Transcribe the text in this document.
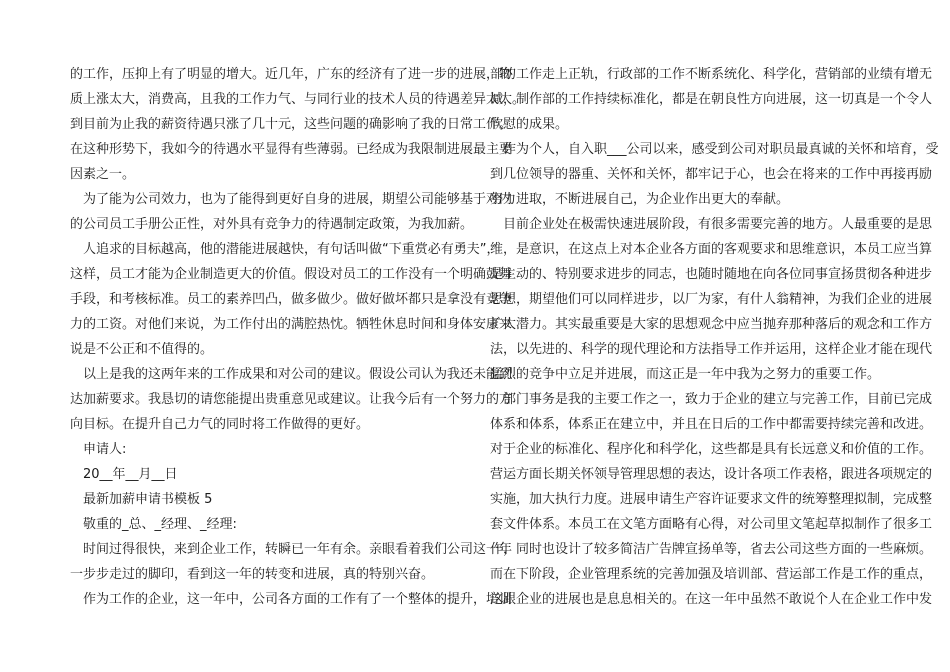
的工作，压抑上有了明显的增大。近几年，广东的经济有了进一步的进展，物
质上涨太大，消费高，且我的工作力气、与同行业的技术人员的待遇差异太大。
到目前为止我的薪资待遇只涨了几十元，这些问题的确影响了我的日常工作。
在这种形势下，我如今的待遇水平显得有些薄弱。已经成为我限制进展最主要
因素之一。
为了能为公司效力，也为了能得到更好自身的进展，期望公司能够基于对内
的公司员工手册公正性，对外具有竞争力的待遇制定政策，为我加薪。
人追求的目标越高，他的潜能进展越快，有句话叫做“下重赏必有勇夫”，
这样，员工才能为企业制造更大的价值。假设对员工的工作没有一个明确鼓舞
手段，和考核标准。员工的素养凹凸，做多做少。做好做坏都只是拿没有竞争
力的工资。对他们来说，为工作付出的满腔热忱。牺牲休息时间和身体安康来
说是不公正和不值得的。
以上是我的这两年来的工作成果和对公司的建议。假设公司认为我还未能到
达加薪要求。我恳切的请您能提出贵重意见或建议。让我今后有一个努力的方
向目标。在提升自己力气的同时将工作做得的更好。
申请人:
20__年__月__日
最新加薪申请书模板 5
敬重的_总、_经理、_经理:
时间过得很快，来到企业工作，转瞬已一年有余。亲眼看着我们公司这一年
一步步走过的脚印，看到这一年的转变和进展，真的特别兴奋。
作为工作的企业，这一年中，公司各方面的工作有了一个整体的提升，培训
部的工作走上正轨，行政部的工作不断系统化、科学化，营销部的业绩有增无
减，制作部的工作持续标准化，都是在朝良性方向进展，这一切真是一个令人
欣慰的成果。
作为个人，自入职___公司以来，感受到公司对职员最真诚的关怀和培育，受
到几位领导的器重、关怀和关怀，都牢记于心，也会在将来的工作中再接再励
努力进取，不断进展自己，为企业作出更大的奉献。
目前企业处在极需快速进展阶段，有很多需要完善的地方。人最重要的是思
维，是意识，在这点上对本企业各方面的客观要求和思维意识，本员工应当算
是主动的、特别要求进步的同志，也随时随地在向各位同事宣扬贯彻各种进步
思想，期望他们可以同样进步，以厂为家，有什人翁精神，为我们企业的进展
扩大潜力。其实最重要是大家的思想观念中应当抛弃那种落后的观念和工作方
法，以先进的、科学的现代理论和方法指导工作并运用，这样企业才能在现代
猛烈的竞争中立足并进展，而这正是一年中我为之努力的重要工作。
部门事务是我的主要工作之一，致力于企业的建立与完善工作，目前已完成
体系和体系，体系正在建立中，并且在日后的工作中都需要持续完善和改进。
对于企业的标准化、程序化和科学化，这些都是具有长远意义和价值的工作。
营运方面长期关怀领导管理思想的表达，设计各项工作表格，跟进各项规定的
实施，加大执行力度。进展申请生产容许证要求文件的统筹整理拟制，完成整
套文件体系。本员工在文笔方面略有心得，对公司里文笔起草拟制作了很多工
作，同时也设计了较多简洁广告牌宣扬单等，省去公司这些方面的一些麻烦。
而在下阶段，企业管理系统的完善加强及培训部、营运部工作是工作的重点，
这跟企业的进展也是息息相关的。在这一年中虽然不敢说个人在企业工作中发
